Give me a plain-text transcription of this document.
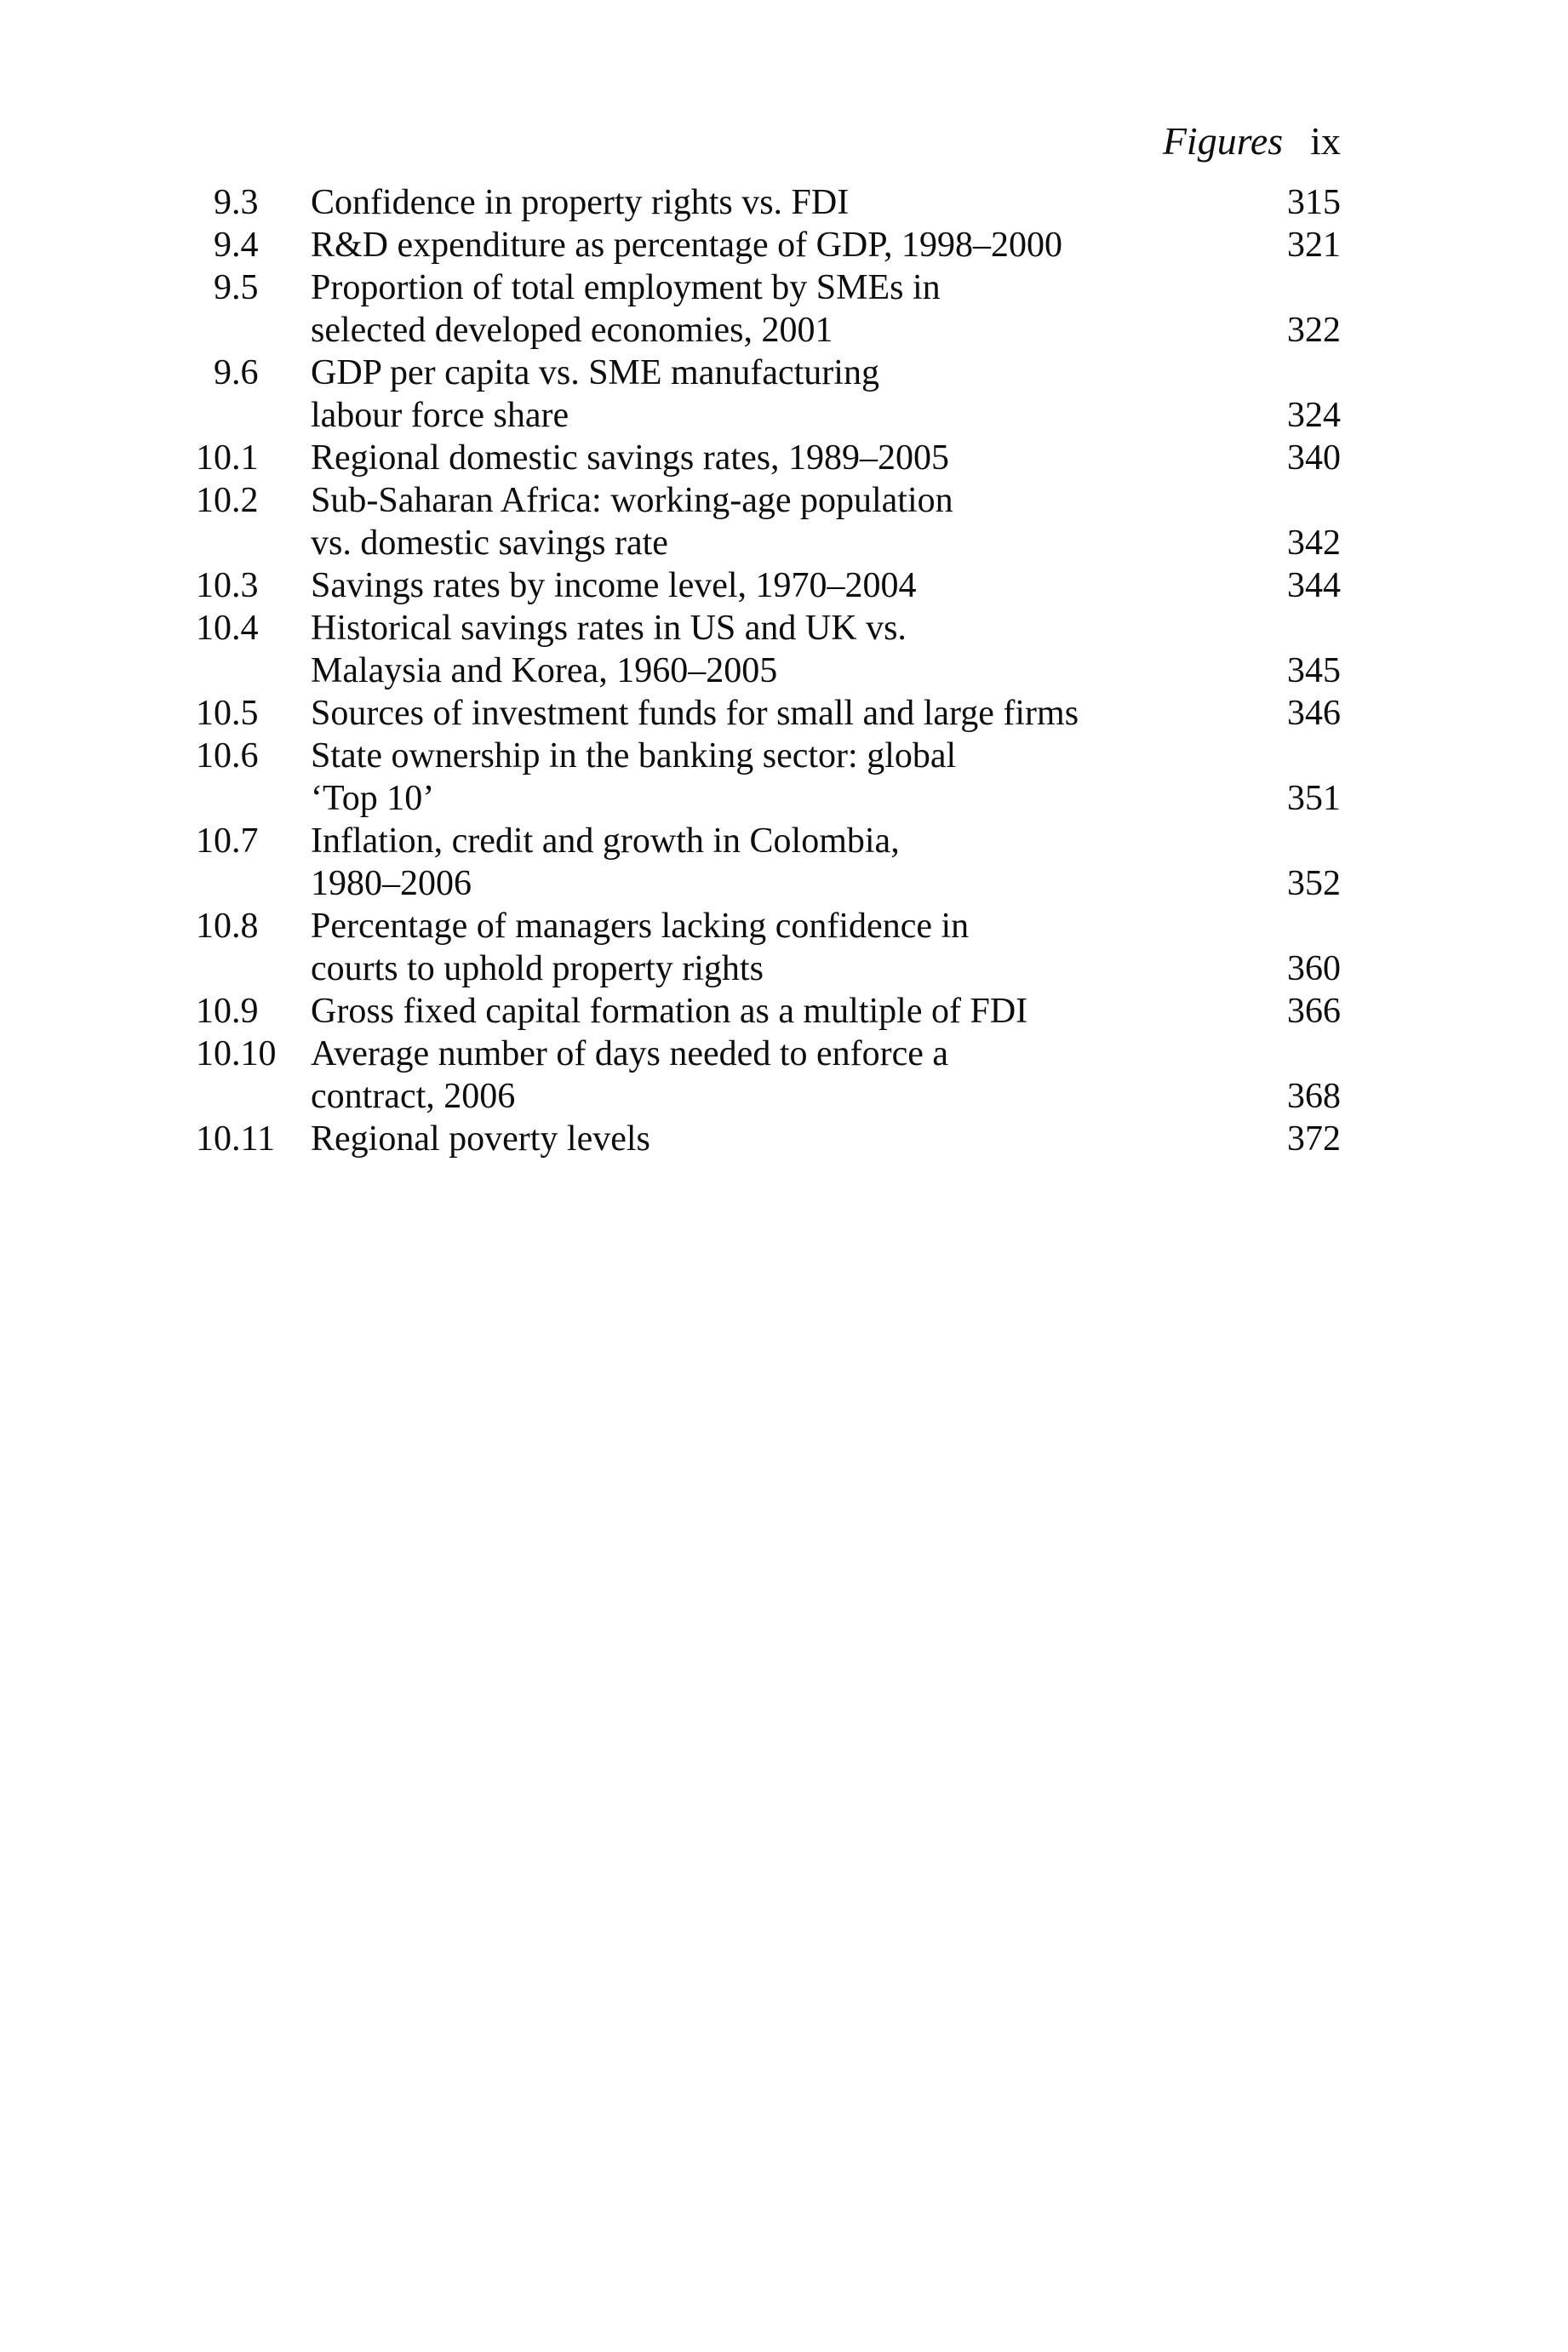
Figures ix
9 .3 Confidence in property rights vs. FDI	315
9 .4 R&D expenditure as percentage of GDP, 1998–2000	321
9 .5 Proportion of total employment by SMEs in
selected developed economies, 2001	322
9 .6 GDP per capita vs. SME manufacturing
labour force share	324
10 .1 Regional domestic savings rates, 1989–2005	340
10 .2 Sub-Saharan Africa: working-age population
vs. domestic savings rate	342
10 .3 Savings rates by income level, 1970–2004	344
10 .4 Historical savings rates in US and UK vs.
Malaysia and Korea, 1960–2005	345
10 .5 Sources of investment funds for small and large firms	346
10 .6 State ownership in the banking sector: global
‘Top 10’	351
10 .7 Inflation, credit and growth in Colombia,
1980–2006	352
10 .8 Percentage of managers lacking confidence in
courts to uphold property rights	360
10 .9 Gross fixed capital formation as a multiple of FDI	366
10 .10 Average number of days needed to enforce a
contract, 2006	368
10 .11 Regional poverty levels	372
